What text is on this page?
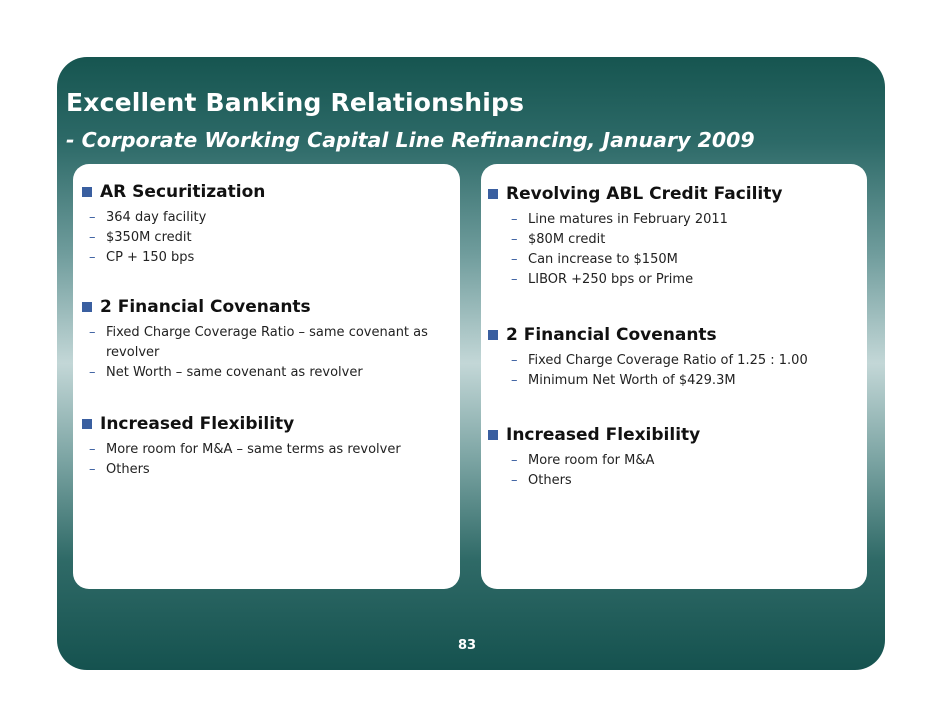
Excellent Banking Relationships
- Corporate Working Capital Line Refinancing, January 2009
AR Securitization
– 364 day facility
– $350M credit
– CP + 150 bps
2 Financial Covenants
– Fixed Charge Coverage Ratio – same covenant as revolver
– Net Worth – same covenant as revolver
Increased Flexibility
– More room for M&A – same terms as revolver
– Others
Revolving ABL Credit Facility
– Line matures in February 2011
– $80M credit
– Can increase to $150M
– LIBOR +250 bps or Prime
2 Financial Covenants
– Fixed Charge Coverage Ratio of 1.25 : 1.00
– Minimum Net Worth of $429.3M
Increased Flexibility
– More room for M&A
– Others
83
